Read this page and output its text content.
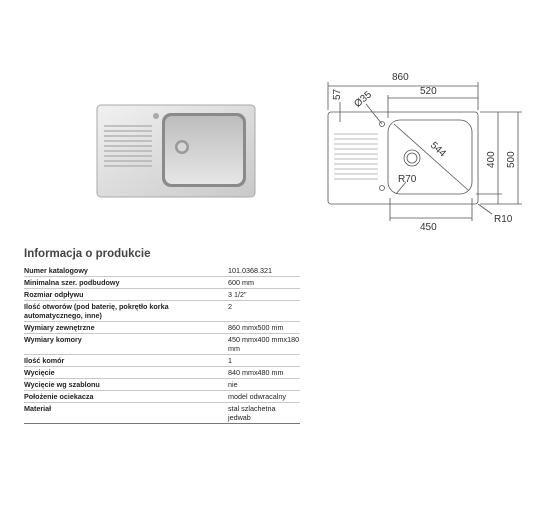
860
520
57 Ø35
544
400 500
R70
450
R10
Informacja o produkcie
Numer katalogowy	101.0368.321
Minimalna szer. podbudowy	600 mm
Rozmiar odpływu	3 1/2"
Ilość otworów (pod baterię, pokrętło korka automatycznego, inne)	2
Wymiary zewnętrzne	860 mmx500 mm
Wymiary komory	450 mmx400 mmx180 mm
Ilość komór	1
Wycięcie	840 mmx480 mm
Wycięcie wg szablonu	nie
Położenie ociekacza	model odwracalny
Materiał	stal szlachetna jedwab
